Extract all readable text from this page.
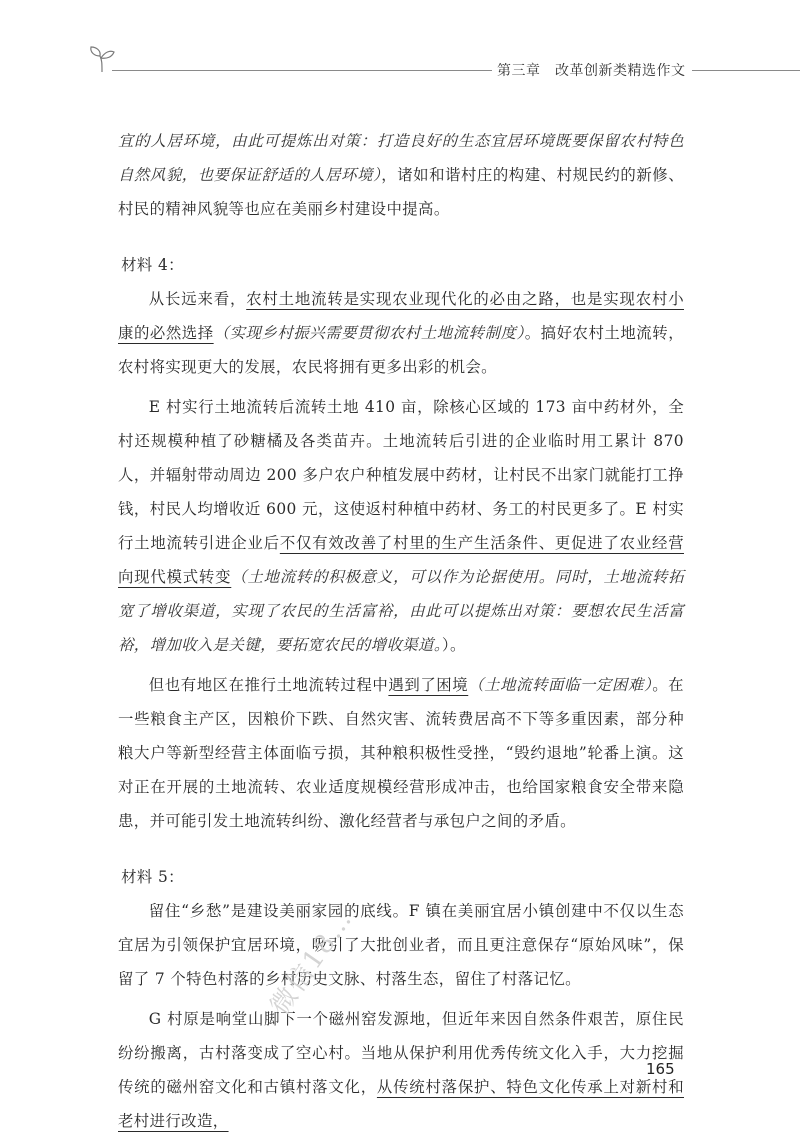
第三章　改革创新类精选作文

宜的人居环境，由此可提炼出对策：打造良好的生态宜居环境既要保留农村特色自然风貌，也要保证舒适的人居环境），诸如和谐村庄的构建、村规民约的新修、村民的精神风貌等也应在美丽乡村建设中提高。

材料 4：

从长远来看，农村土地流转是实现农业现代化的必由之路，也是实现农村小康的必然选择（实现乡村振兴需要贯彻农村土地流转制度）。搞好农村土地流转，农村将实现更大的发展，农民将拥有更多出彩的机会。

E 村实行土地流转后流转土地 410 亩，除核心区域的 173 亩中药材外，全村还规模种植了砂糖橘及各类苗卉。土地流转后引进的企业临时用工累计 870 人，并辐射带动周边 200 多户农户种植发展中药材，让村民不出家门就能打工挣钱，村民人均增收近 600 元，这使返村种植中药材、务工的村民更多了。E 村实行土地流转引进企业后不仅有效改善了村里的生产生活条件、更促进了农业经营向现代模式转变（土地流转的积极意义，可以作为论据使用。同时，土地流转拓宽了增收渠道，实现了农民的生活富裕，由此可以提炼出对策：要想农民生活富裕，增加收入是关键，要拓宽农民的增收渠道。）。

但也有地区在推行土地流转过程中遇到了困境（土地流转面临一定困难）。在一些粮食主产区，因粮价下跌、自然灾害、流转费居高不下等多重因素，部分种粮大户等新型经营主体面临亏损，其种粮积极性受挫，“毁约退地”轮番上演。这对正在开展的土地流转、农业适度规模经营形成冲击，也给国家粮食安全带来隐患，并可能引发土地流转纠纷、激化经营者与承包户之间的矛盾。

材料 5：

留住“乡愁”是建设美丽家园的底线。F 镇在美丽宜居小镇创建中不仅以生态宜居为引领保护宜居环境，吸引了大批创业者，而且更注意保存“原始风味”，保留了 7 个特色村落的乡村历史文脉、村落生态，留住了村落记忆。

G 村原是响堂山脚下一个磁州窑发源地，但近年来因自然条件艰苦，原住民纷纷搬离，古村落变成了空心村。当地从保护利用优秀传统文化入手，大力挖掘传统的磁州窑文化和古镇村落文化，从传统村落保护、特色文化传承上对新村和老村进行改造，

165
微信18…
